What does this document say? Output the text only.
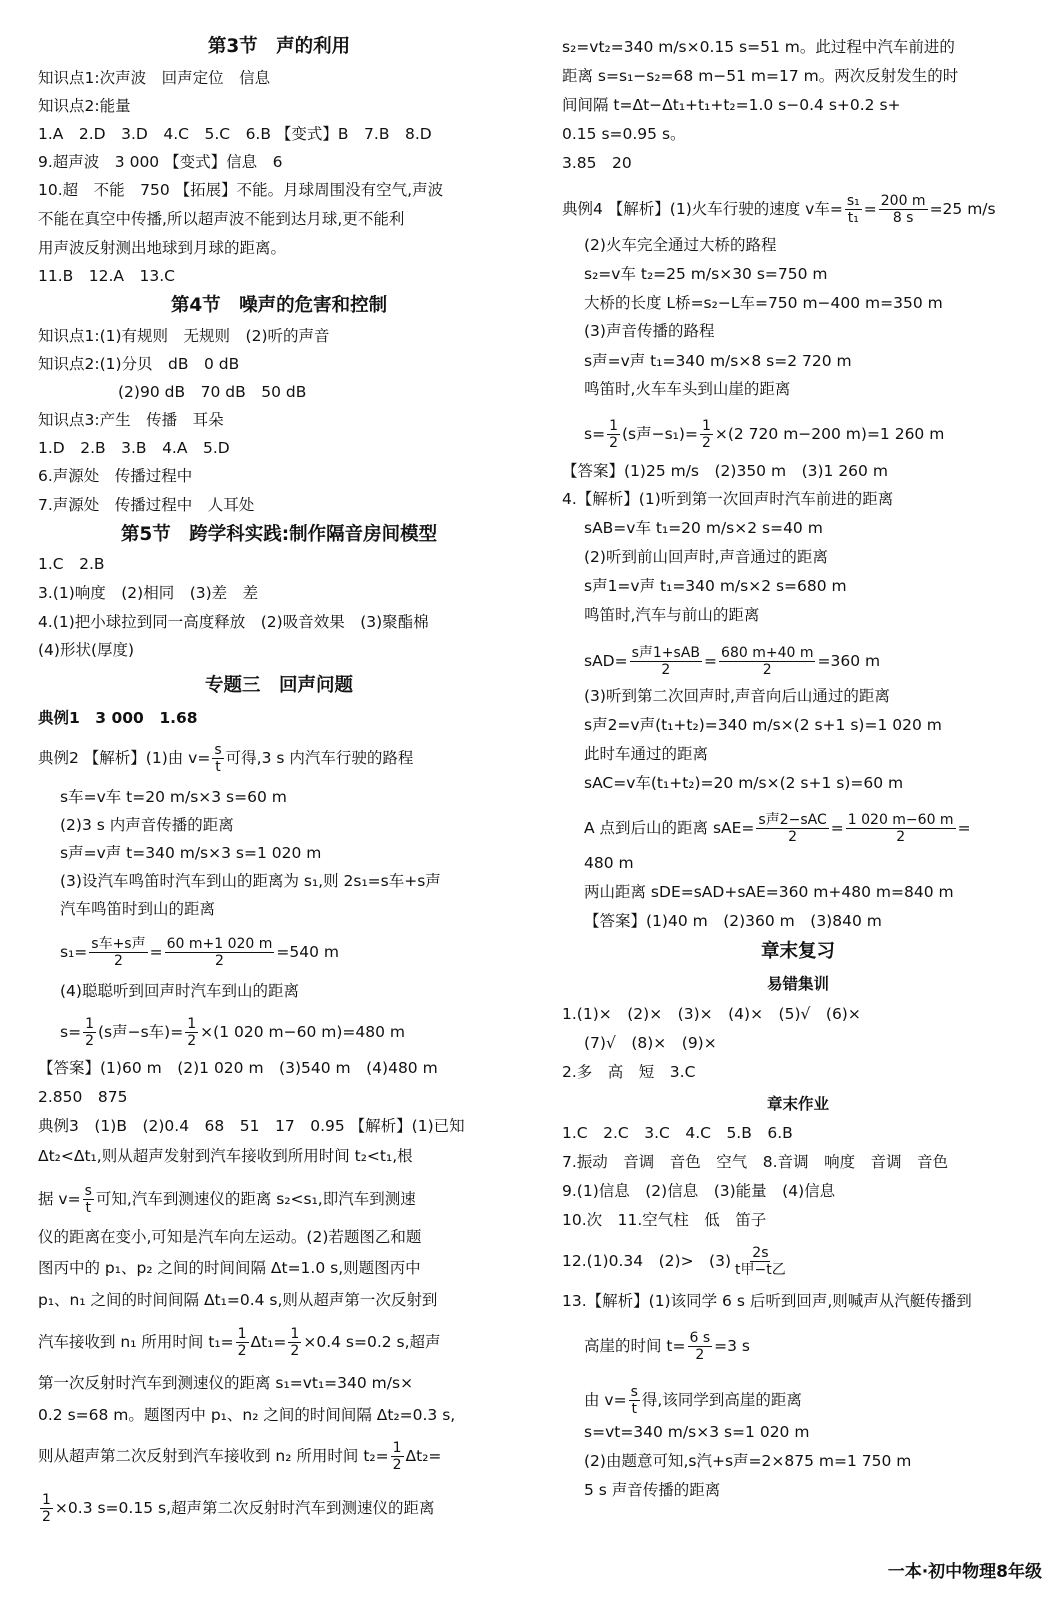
第3节　声的利用
知识点1:次声波　回声定位　信息
知识点2:能量
1.A　2.D　3.D　4.C　5.C　6.B 【变式】B　7.B　8.D
9.超声波　3 000 【变式】信息　6
10.超　不能　750 【拓展】不能。月球周围没有空气,声波
不能在真空中传播,所以超声波不能到达月球,更不能利
用声波反射测出地球到月球的距离。
11.B　12.A　13.C
第4节　噪声的危害和控制
知识点1:(1)有规则　无规则　(2)听的声音
知识点2:(1)分贝　dB　0 dB
(2)90 dB　70 dB　50 dB
知识点3:产生　传播　耳朵
1.D　2.B　3.B　4.A　5.D
6.声源处　传播过程中
7.声源处　传播过程中　人耳处
第5节　跨学科实践:制作隔音房间模型
1.C　2.B
3.(1)响度　(2)相同　(3)差　差
4.(1)把小球拉到同一高度释放　(2)吸音效果　(3)聚酯棉
(4)形状(厚度)
专题三　回声问题
典例1　3 000　1.68
典例2 【解析】(1)由 $v= \frac{s}{t}$ 可得,3 s 内汽车行驶的路程
s车=v车 t=20 m/s×3 s=60 m
(2)3 s 内声音传播的距离
s声=v声 t=340 m/s×3 s=1 020 m
(3)设汽车鸣笛时汽车到山的距离为 s₁,则 2s₁=s车+s声
汽车鸣笛时到山的距离
$s_1= \frac{\text{s车+s声}}{2} = \frac{60 m+1 020 m}{2} =540$ m
(4)聪聪听到回声时汽车到山的距离
$s= \frac{1}{2} (s$声−s车)= $\frac{1}{2} \times(1$ 020 m−60 m)=480 m
【答案】(1)60 m　(2)1 020 m　(3)540 m　(4)480 m
2.850　875
典例3　(1)B　(2)0.4　68　51　17　0.95 【解析】(1)已知
Δt₂<Δt₁,则从超声发射到汽车接收到所用时间 t₂<t₁,根
据 $v= \frac{s}{t}$ 可知,汽车到测速仪的距离 s₂<s₁,即汽车到测速
仪的距离在变小,可知是汽车向左运动。(2)若题图乙和题
图丙中的 p₁、p₂ 之间的时间间隔 Δt=1.0 s,则题图丙中
p₁、n₁ 之间的时间间隔 Δt₁=0.4 s,则从超声第一次反射到
汽车接收到 n₁ 所用时间 $t_1= \frac{1}{2} \Delta t_1= \frac{1}{2} \times 0.4$ s=0.2 s,超声
第一次反射时汽车到测速仪的距离 s₁=vt₁=340 m/s×
0.2 s=68 m。题图丙中 p₁、n₂ 之间的时间间隔 Δt₂=0.3 s,
则从超声第二次反射到汽车接收到 n₂ 所用时间 $t_2= \frac{1}{2} \Delta t_2=$
$\frac{1}{2} \times 0.3$ s=0.15 s,超声第二次反射时汽车到测速仪的距离
s₂=vt₂=340 m/s×0.15 s=51 m。此过程中汽车前进的
距离 s=s₁−s₂=68 m−51 m=17 m。两次反射发生的时
间间隔 t=Δt−Δt₁+t₁+t₂=1.0 s−0.4 s+0.2 s+
0.15 s=0.95 s。
3.85　20
典例4 【解析】(1)火车行驶的速度 v车= $\frac{\text{s₁}}{\text{t₁}} = \frac{200 m}{8 s} =25$ m/s
(2)火车完全通过大桥的路程
s₂=v车 t₂=25 m/s×30 s=750 m
大桥的长度 L桥=s₂−L车=750 m−400 m=350 m
(3)声音传播的路程
s声=v声 t₁=340 m/s×8 s=2 720 m
鸣笛时,火车车头到山崖的距离
$s= \frac{1}{2} (s$声$-s_1)= \frac{1}{2} \times(2$ 720 m−200 m)=1 260 m
【答案】(1)25 m/s　(2)350 m　(3)1 260 m
4.【解析】(1)听到第一次回声时汽车前进的距离
sAB=v车 t₁=20 m/s×2 s=40 m
(2)听到前山回声时,声音通过的距离
s声1=v声 t₁=340 m/s×2 s=680 m
鸣笛时,汽车与前山的距离
$sAD= \frac{\text{s声1+sAB}}{2} = \frac{680 m+40 m}{2} =360$ m
(3)听到第二次回声时,声音向后山通过的距离
s声2=v声(t₁+t₂)=340 m/s×(2 s+1 s)=1 020 m
此时车通过的距离
sAC=v车(t₁+t₂)=20 m/s×(2 s+1 s)=60 m
A 点到后山的距离 $sAE= \frac{\text{s声2−sAC}}{2} = \frac{1 020 m-60 m}{2}$ =
480 m
两山距离 sDE=sAD+sAE=360 m+480 m=840 m
【答案】(1)40 m　(2)360 m　(3)840 m
章末复习
易错集训
1.(1)×　(2)×　(3)×　(4)×　(5)√　(6)×
(7)√　(8)×　(9)×
2.多　高　短　3.C
章末作业
1.C　2.C　3.C　4.C　5.B　6.B
7.振动　音调　音色　空气　8.音调　响度　音调　音色
9.(1)信息　(2)信息　(3)能量　(4)信息
10.次　11.空气柱　低　笛子
12.(1)0.34　(2)>　$(3) \frac{2s}{\text{t甲−t乙}}$
13.【解析】(1)该同学 6 s 后听到回声,则喊声从汽艇传播到
高崖的时间 $t= \frac{6 s}{2} =3$ s
由 $v= \frac{s}{t}$ 得,该同学到高崖的距离
s=vt=340 m/s×3 s=1 020 m
(2)由题意可知,s汽+s声=2×875 m=1 750 m
5 s 声音传播的距离
一本·初中物理8年级
